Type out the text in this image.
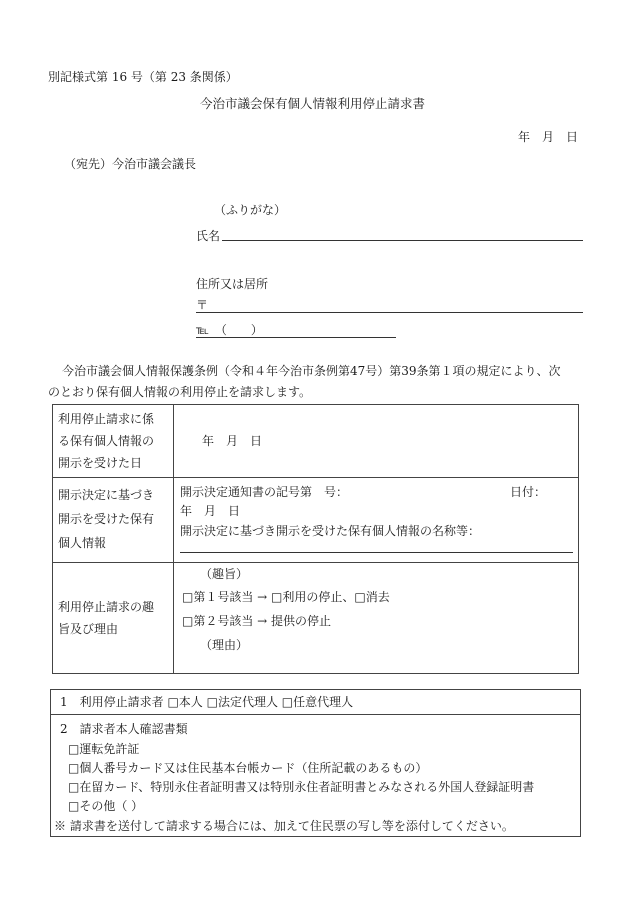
別記様式第 16 号（第 23 条関係）
今治市議会保有個人情報利用停止請求書
年　月　日
（宛先）今治市議会議長
（ふりがな）
氏名
住所又は居所
〒
℡　（　　）
今治市議会個人情報保護条例（令和４年今治市条例第47号）第39条第１項の規定により、次
のとおり保有個人情報の利用停止を請求します。
利用停止請求に係
る保有個人情報の
開示を受けた日
年　月　日
開示決定に基づき
開示を受けた保有
個人情報
開示決定通知書の記号第　号：	日付：
年　月　日
開示決定に基づき開示を受けた保有個人情報の名称等：
利用停止請求の趣
旨及び理由
（趣旨）
□第１号該当 → □利用の停止、□消去
□第２号該当 → 提供の停止
（理由）
1　利用停止請求者 □本人 □法定代理人 □任意代理人
2　請求者本人確認書類
□運転免許証
□個人番号カード又は住民基本台帳カード（住所記載のあるもの）
□在留カード、特別永住者証明書又は特別永住者証明書とみなされる外国人登録証明書
□その他（ ）
※ 請求書を送付して請求する場合には、加えて住民票の写し等を添付してください。
